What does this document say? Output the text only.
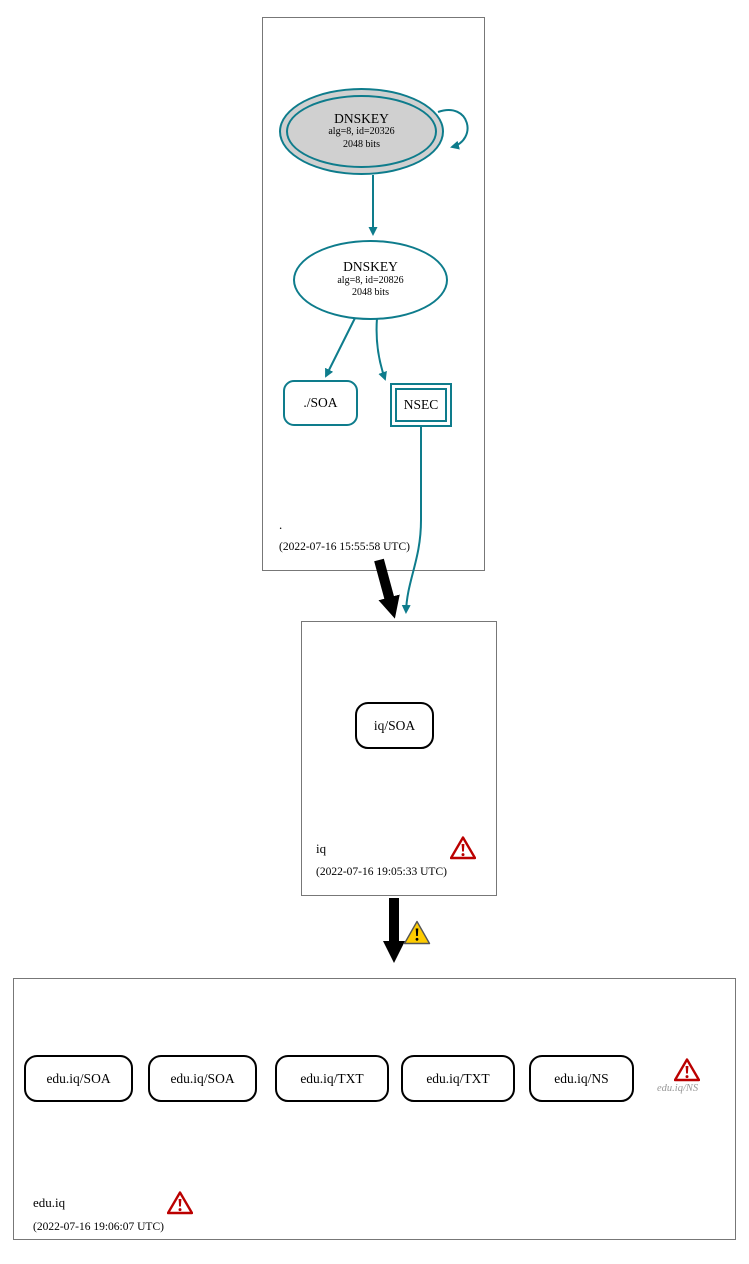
.
(2022-07-16 15:55:58 UTC)
iq
(2022-07-16 19:05:33 UTC)
edu.iq
(2022-07-16 19:06:07 UTC)
DNSKEY
alg=8, id=20326
2048 bits
DNSKEY
alg=8, id=20826
2048 bits
./SOA	NSEC
iq/SOA
edu.iq/SOA	edu.iq/SOA	edu.iq/TXT	edu.iq/TXT	edu.iq/NS
edu.iq/NS
